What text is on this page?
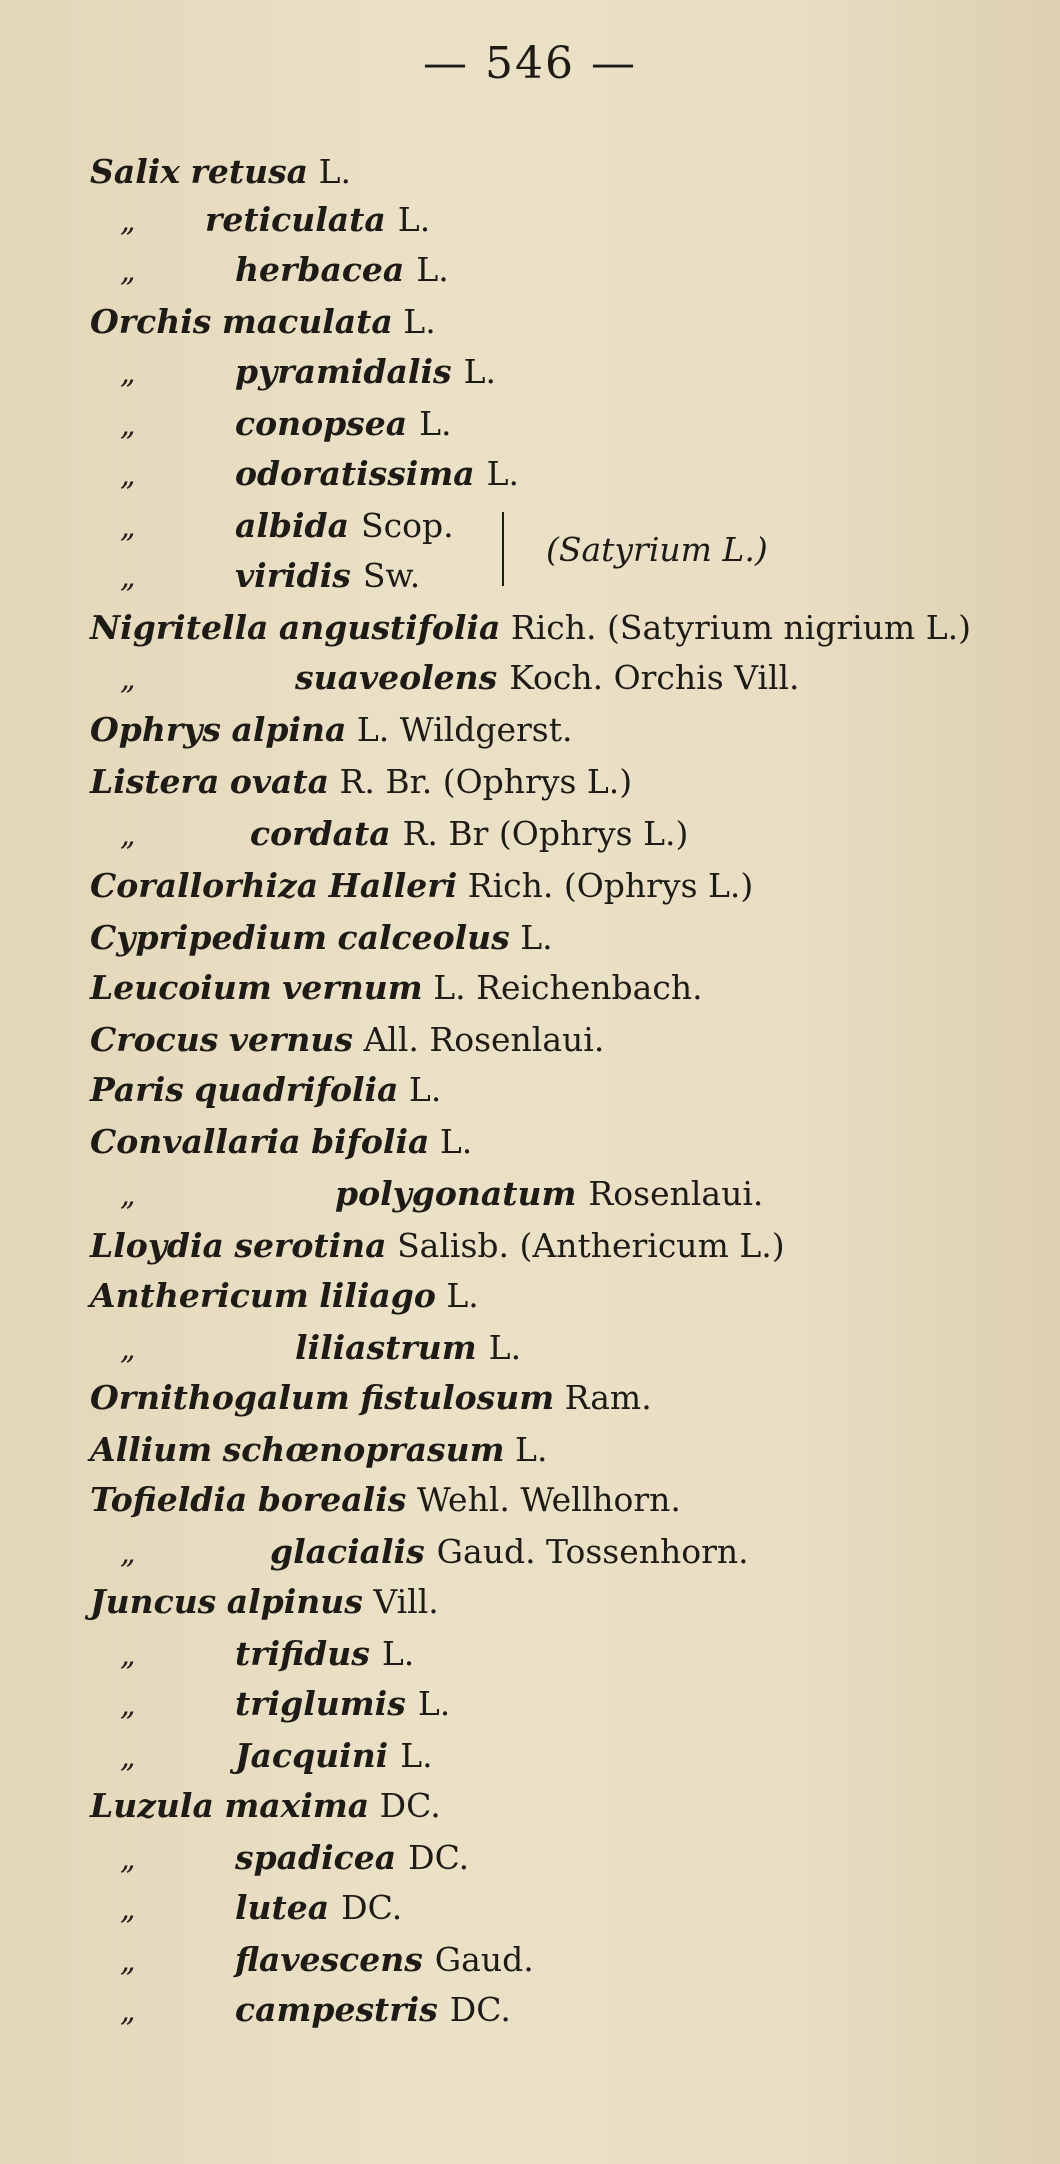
— 546 —
Salix retusa L.
„ reticulata L.
„	herbacea L.
Orchis maculata L.
„	pyramidalis L.
„	conopsea L.
„	odoratissima L.
„	albida Scop.
„	viridis Sw.
Nigritella angustifolia Rich. (Satyrium nigrium L.)
„	suaveolens Koch. Orchis Vill.
Ophrys alpina L. Wildgerst.
Listera ovata R. Br. (Ophrys L.)
„	cordata R. Br (Ophrys L.)
Corallorhiza Halleri Rich. (Ophrys L.)
Cypripedium calceolus L.
Leucoium vernum L. Reichenbach.
Crocus vernus All. Rosenlaui.
Paris quadrifolia L.
Convallaria bifolia L.
„	polygonatum Rosenlaui.
Lloydia serotina Salisb. (Anthericum L.)
Anthericum liliago L.
„	liliastrum L.
Ornithogalum fistulosum Ram.
Allium schœnoprasum L.
Tofieldia borealis Wehl. Wellhorn.
„	glacialis Gaud. Tossenhorn.
Juncus alpinus Vill.
„	trifidus L.
„	triglumis L.
„	Jacquini L.
Luzula maxima DC.
„	spadicea DC.
„	lutea DC.
„	flavescens Gaud.
„	campestris DC.
(Satyrium L.)
